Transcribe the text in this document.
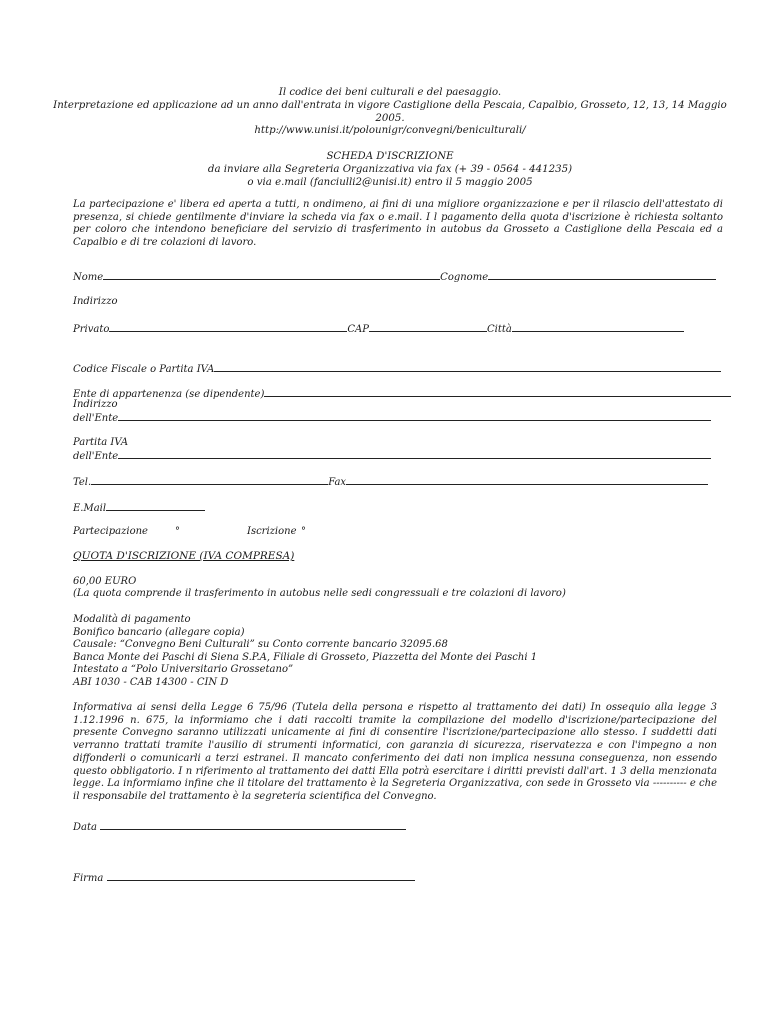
Il codice dei beni culturali e del paesaggio.
Interpretazione ed applicazione ad un anno dall'entrata in vigore Castiglione della Pescaia, Capalbio, Grosseto, 12, 13, 14 Maggio 2005.
http://www.unisi.it/polounigr/convegni/beniculturali/
SCHEDA D'ISCRIZIONE
da inviare alla Segreteria Organizzativa via fax (+ 39 - 0564 - 441235)
o via e.mail (fanciulli2@unisi.it) entro il 5 maggio 2005
La partecipazione e' libera ed aperta a tutti, n ondimeno, ai fini di una migliore organizzazione e per il rilascio dell'attestato di presenza, si chiede gentilmente d'inviare la scheda via fax o e.mail. I l pagamento della quota d'iscrizione è richiesta soltanto per coloro che intendono beneficiare del servizio di trasferimento in autobus da Grosseto a Castiglione della Pescaia ed a Capalbio e di tre colazioni di lavoro.
Nome	Cognome
Indirizzo
Privato	CAP	Città
Codice Fiscale o Partita IVA
Ente di appartenenza (se dipendente)
Indirizzo
dell'Ente
Partita IVA
dell'Ente
Tel.	Fax
E.Mail
Partecipazione	°	Iscrizione °
QUOTA D'ISCRIZIONE (IVA COMPRESA)
60,00 EURO
(La quota comprende il trasferimento in autobus nelle sedi congressuali e tre colazioni di lavoro)
Modalità di pagamento
Bonifico bancario (allegare copia)
Causale: “Convegno Beni Culturali” su Conto corrente bancario 32095.68
Banca Monte dei Paschi di Siena S.P.A, Filiale di Grosseto, Piazzetta del Monte dei Paschi 1
Intestato a “Polo Universitario Grossetano”
ABI 1030 - CAB 14300 - CIN D
Informativa ai sensi della Legge 6 75/96 (Tutela della persona e rispetto al trattamento dei dati) In ossequio alla legge 3 1.12.1996 n. 675, la informiamo che i dati raccolti tramite la compilazione del modello d'iscrizione/partecipazione del presente Convegno saranno utilizzati unicamente ai fini di consentire l'iscrizione/partecipazione allo stesso. I suddetti dati verranno trattati tramite l'ausilio di strumenti informatici, con garanzia di sicurezza, riservatezza e con l'impegno a non diffonderli o comunicarli a terzi estranei. Il mancato conferimento dei dati non implica nessuna conseguenza, non essendo questo obbligatorio. I n riferimento al trattamento dei datti Ella potrà esercitare i diritti previsti dall'art. 1 3 della menzionata legge. La informiamo infine che il titolare del trattamento è la Segreteria Organizzativa, con sede in Grosseto via ---------- e che il responsabile del trattamento è la segreteria scientifica del Convegno.
Data
Firma
